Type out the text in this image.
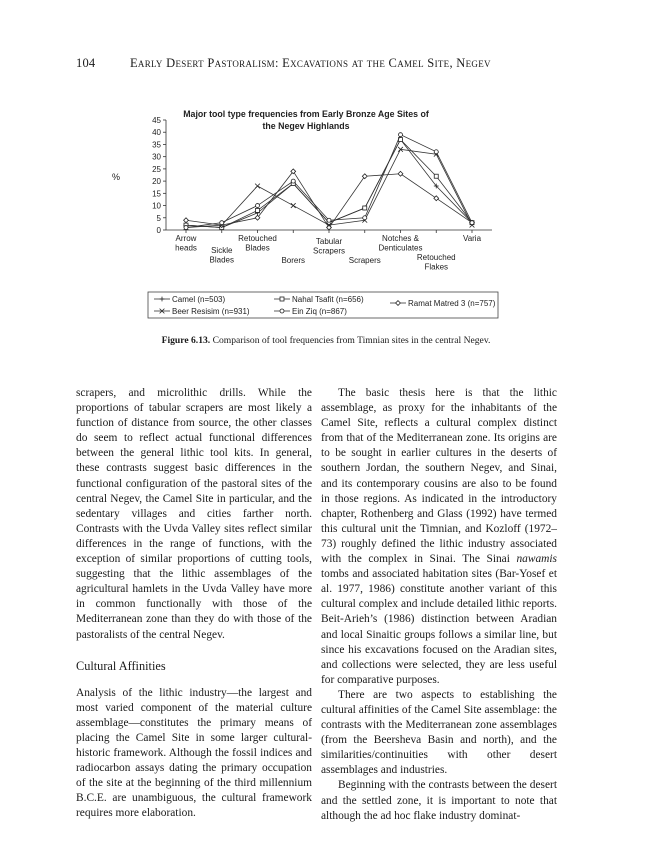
104	Early Desert Pastoralism: Excavations at the Camel Site, Negev
Major tool type frequencies from Early Bronze Age Sites of
the Negev Highlands
0
5
10
15
20
25
30
35
40
45
%
Arrow
heads Sickle
Blades
Retouched
Blades
Borers
Tabular
Scrapers
Scrapers
Notches &
Denticulates
Retouched
Flakes
Varia
Camel (n=503)	Nahal Tsafit (n=656)	Ramat Matred 3 (n=757)
Beer Resisim (n=931)	Ein Ziq (n=867)
Figure 6.13. Comparison of tool frequencies from Timnian sites in the central Negev.

scrapers, and microlithic drills. While the proportions of tabular scrapers are most likely a function of distance from source, the other classes do seem to reflect actual functional differences between the general lithic tool kits. In general, these contrasts suggest basic differences in the functional configuration of the pastoral sites of the central Negev, the Camel Site in particular, and the sedentary villages and cities farther north. Contrasts with the Uvda Valley sites reflect similar differences in the range of functions, with the exception of similar proportions of cutting tools, suggesting that the lithic assemblages of the agricultural hamlets in the Uvda Valley have more in common functionally with those of the Mediterranean zone than they do with those of the pastoralists of the central Negev.

Cultural Affinities

Analysis of the lithic industry—the largest and most varied component of the material culture assemblage—constitutes the primary means of placing the Camel Site in some larger cultural-historic framework. Although the fossil indices and radiocarbon assays dating the primary occupation of the site at the beginning of the third millennium B.C.E. are unambiguous, the cultural framework requires more elaboration.

The basic thesis here is that the lithic assemblage, as proxy for the inhabitants of the Camel Site, reflects a cultural complex distinct from that of the Mediterranean zone. Its origins are to be sought in earlier cultures in the deserts of southern Jordan, the southern Negev, and Sinai, and its contemporary cousins are also to be found in those regions. As indicated in the introductory chapter, Rothenberg and Glass (1992) have termed this cultural unit the Timnian, and Kozloff (1972–73) roughly defined the lithic industry associated with the complex in Sinai. The Sinai nawamis tombs and associated habitation sites (Bar-Yosef et al. 1977, 1986) constitute another variant of this cultural complex and include detailed lithic reports. Beit-Arieh’s (1986) distinction between Aradian and local Sinaitic groups follows a similar line, but since his excavations focused on the Aradian sites, and collections were selected, they are less useful for comparative purposes.

There are two aspects to establishing the cultural affinities of the Camel Site assemblage: the contrasts with the Mediterranean zone assemblages (from the Beersheva Basin and north), and the similarities/continuities with other desert assemblages and industries.

Beginning with the contrasts between the desert and the settled zone, it is important to note that although the ad hoc flake industry dominat-
